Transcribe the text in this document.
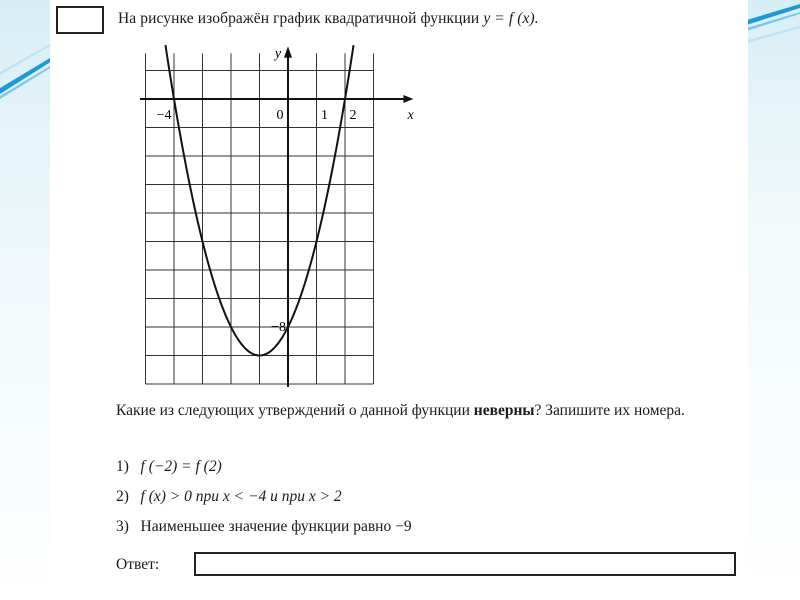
На рисунке изображён график квадратичной функции y = f (x).
−4	0	1 2	x
y
−8
Какие из следующих утверждений о данной функции неверны? Запишите их номера.
1) f (−2) = f (2)
2) f (x) > 0 при x < −4 и при x > 2
3) Наименьшее значение функции равно −9
Ответ:
